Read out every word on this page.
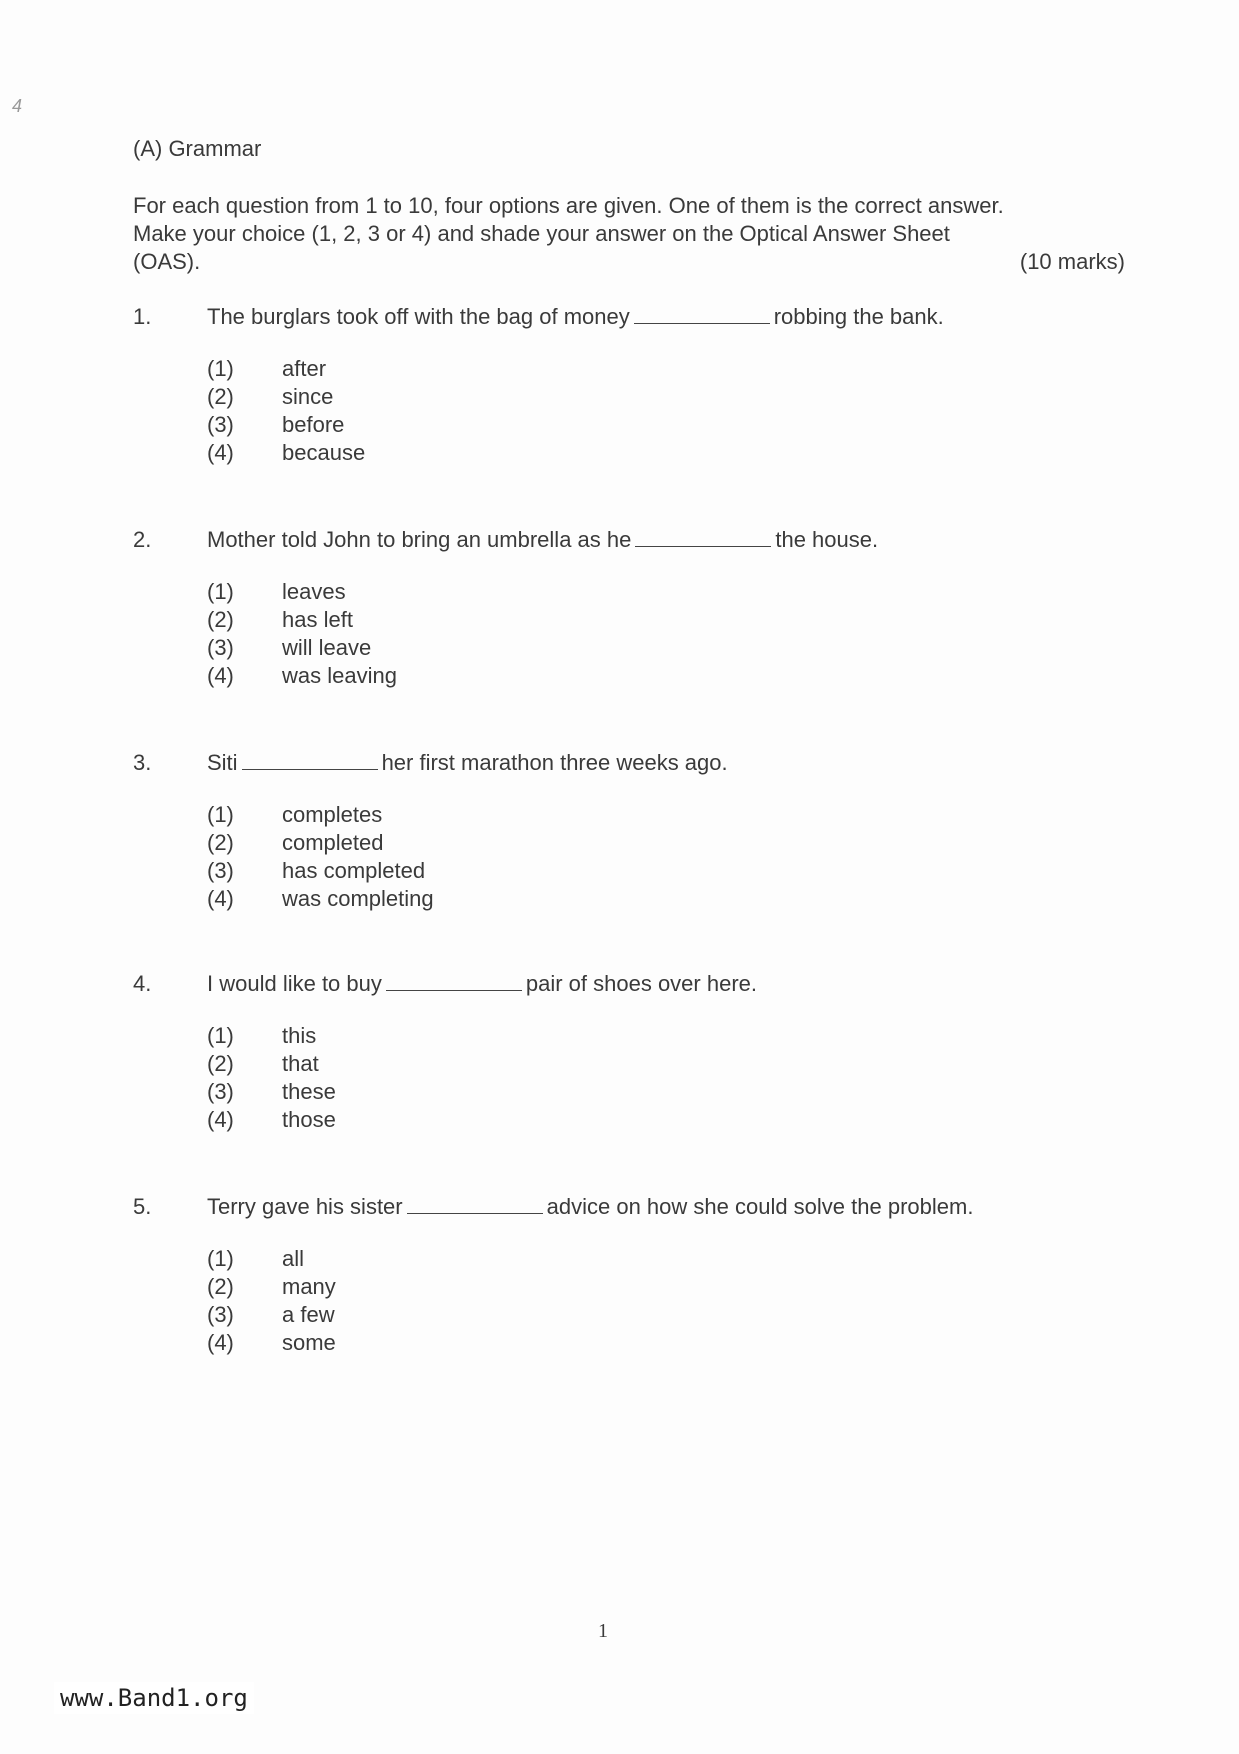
4
(A) Grammar
For each question from 1 to 10, four options are given. One of them is the correct answer. Make your choice (1, 2, 3 or 4) and shade your answer on the Optical Answer Sheet (OAS).	(10 marks)
1.	The burglars took off with the bag of money	robbing the bank.
(1) after
(2) since
(3) before
(4) because
2.	Mother told John to bring an umbrella as he	the house.
(1) leaves
(2) has left
(3) will leave
(4) was leaving
3.	Siti	her first marathon three weeks ago.
(1) completes
(2) completed
(3) has completed
(4) was completing
4.	I would like to buy	pair of shoes over here.
(1) this
(2) that
(3) these
(4) those
5.	Terry gave his sister	advice on how she could solve the problem.
(1) all
(2) many
(3) a few
(4) some
1
www.Band1.org
